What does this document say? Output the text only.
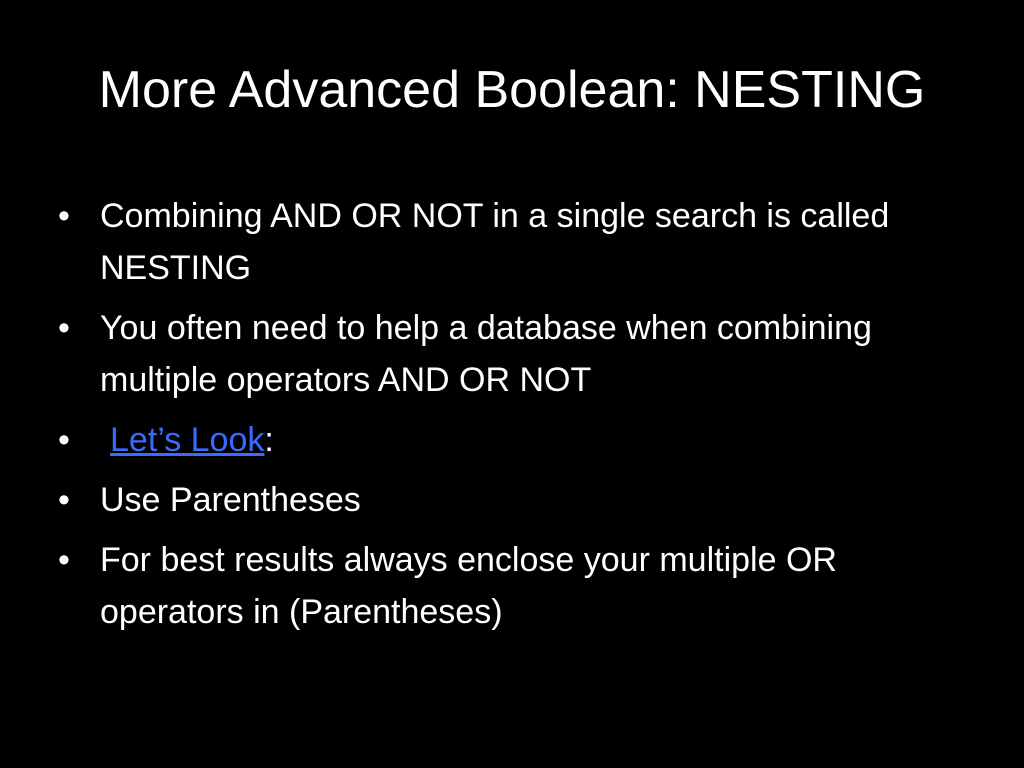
More Advanced Boolean: NESTING
• Combining AND OR NOT in a single search is called NESTING
• You often need to help a database when combining multiple operators AND OR NOT
•	Let’s Look:
• Use Parentheses
• For best results always enclose your multiple OR operators in (Parentheses)
